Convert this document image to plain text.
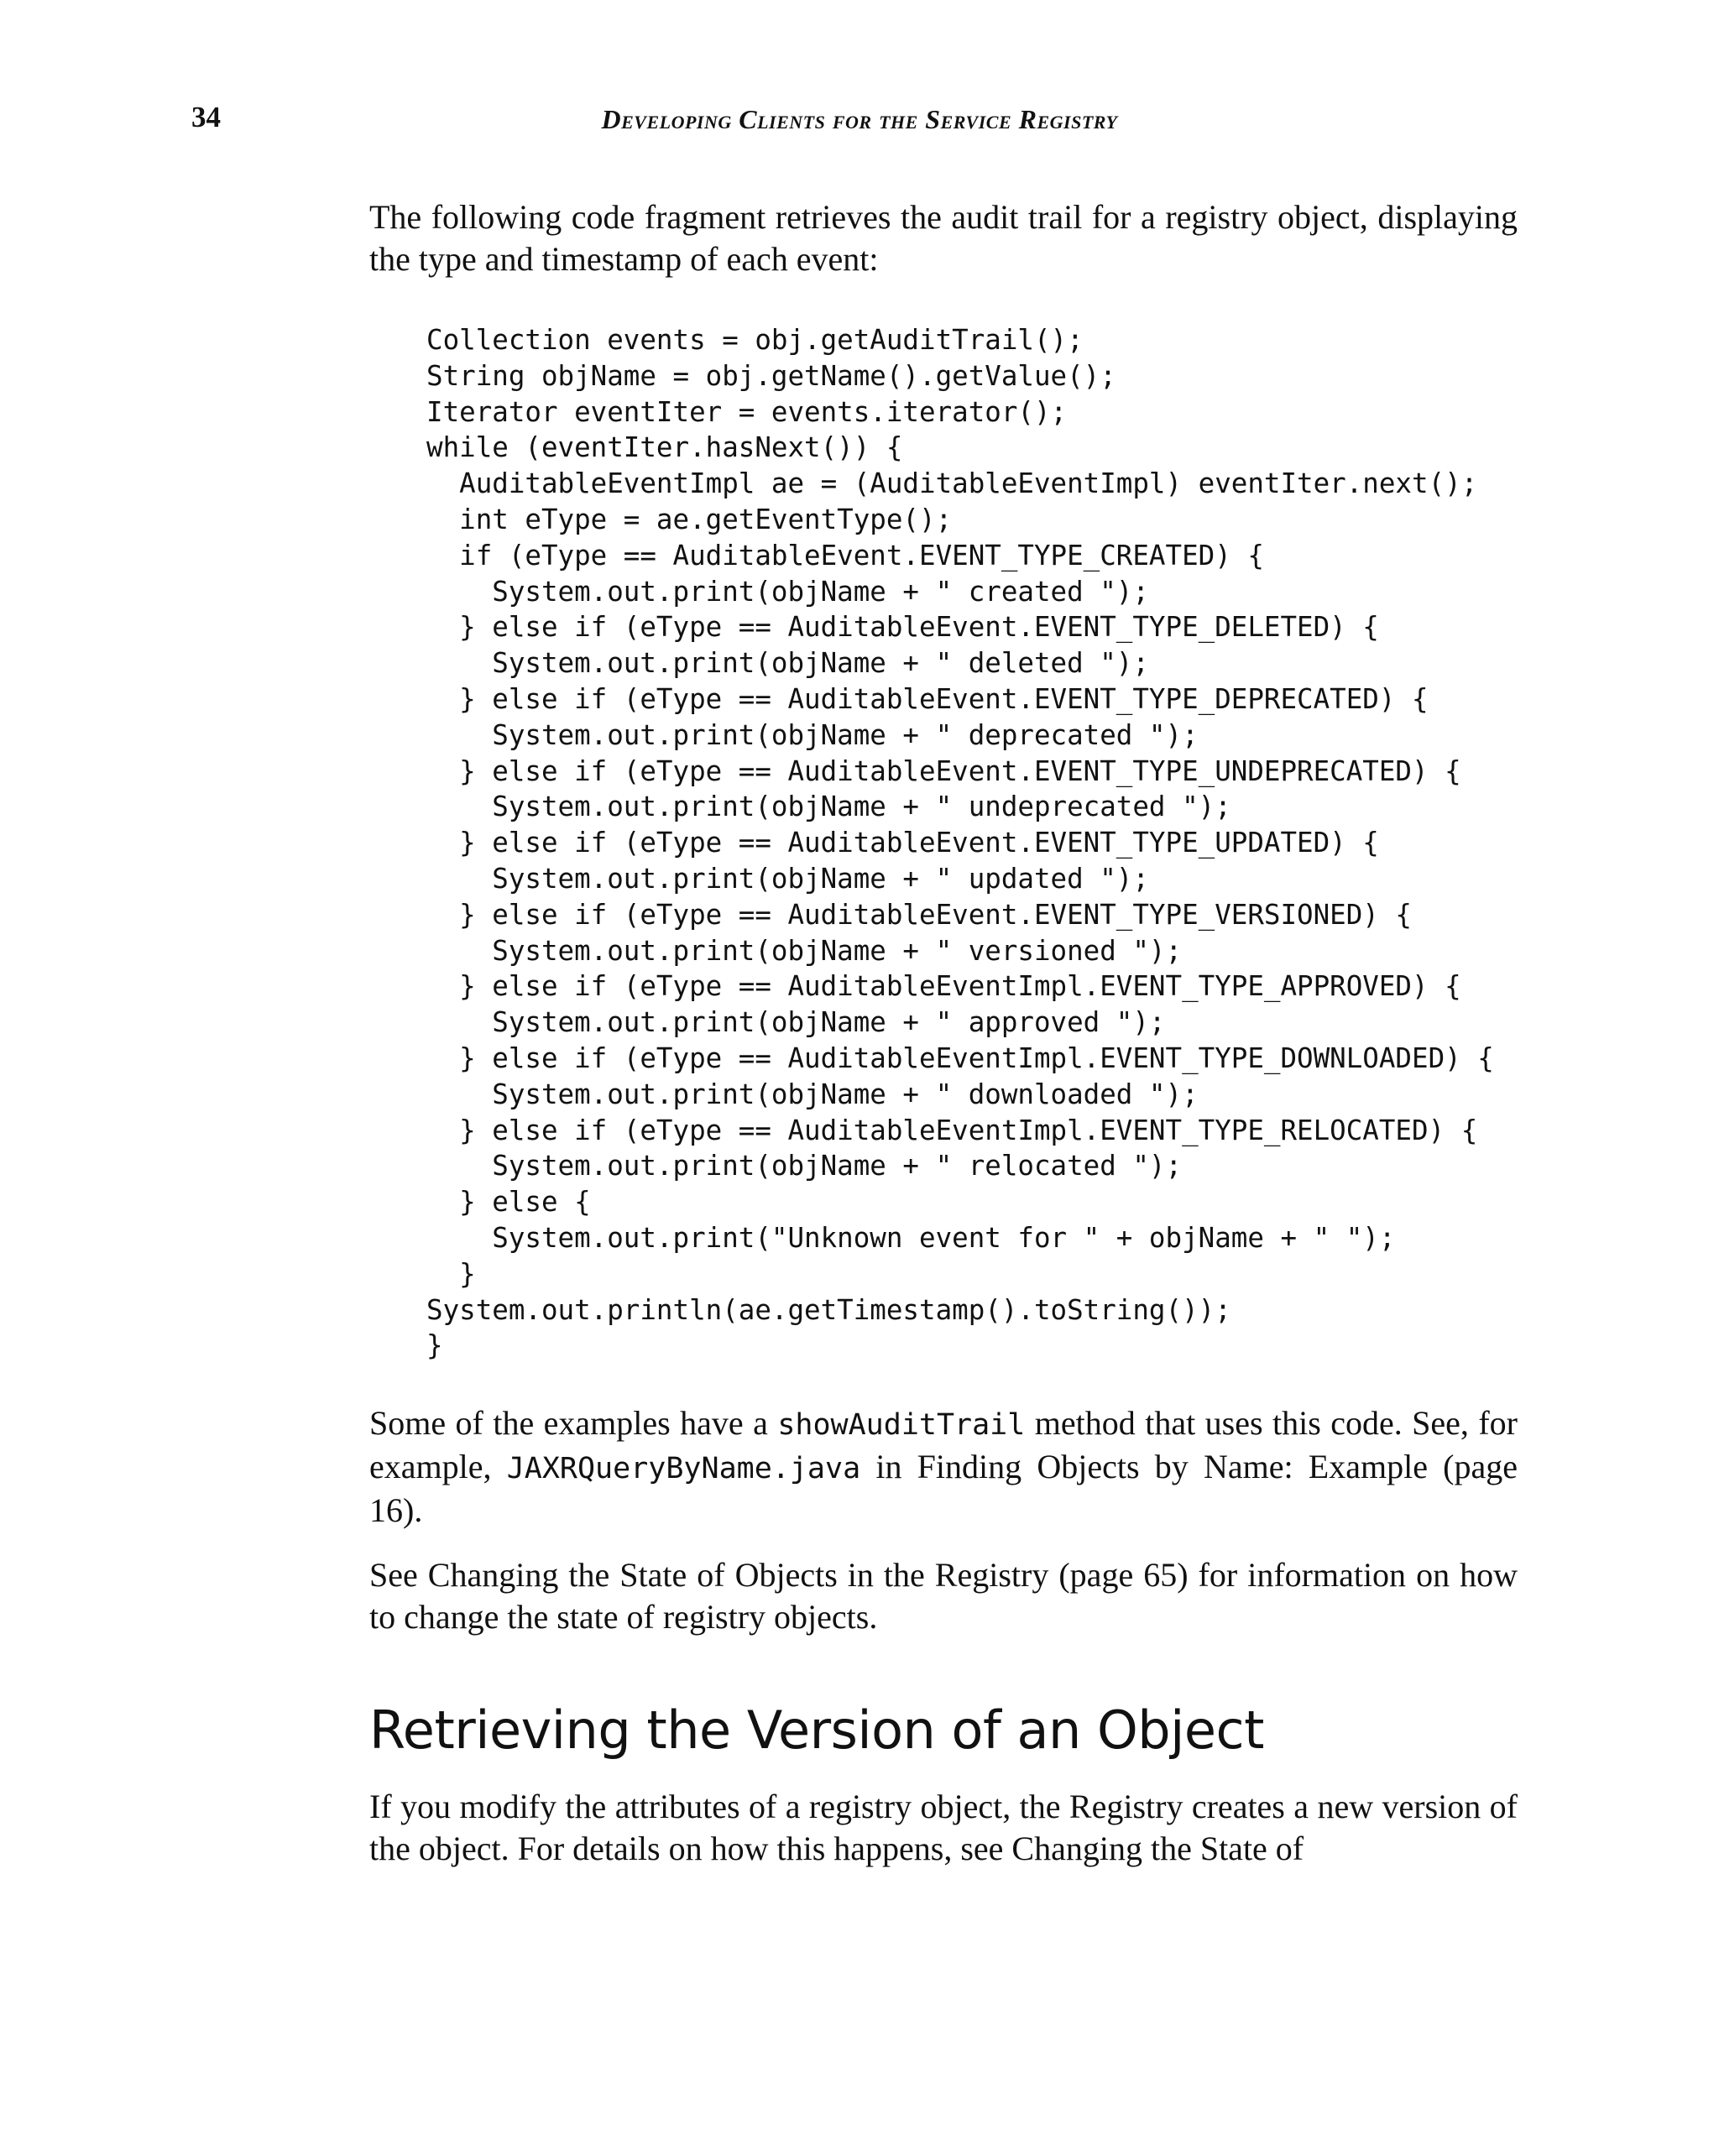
34	Developing Clients for the Service Registry

The following code fragment retrieves the audit trail for a registry object, displaying the type and timestamp of each event:

Collection events = obj.getAuditTrail();
String objName = obj.getName().getValue();
Iterator eventIter = events.iterator();
while (eventIter.hasNext()) {
AuditableEventImpl ae = (AuditableEventImpl) eventIter.next();
int eType = ae.getEventType();
if (eType == AuditableEvent.EVENT_TYPE_CREATED) {
System.out.print(objName + " created ");
} else if (eType == AuditableEvent.EVENT_TYPE_DELETED) {
System.out.print(objName + " deleted ");
} else if (eType == AuditableEvent.EVENT_TYPE_DEPRECATED) {
System.out.print(objName + " deprecated ");
} else if (eType == AuditableEvent.EVENT_TYPE_UNDEPRECATED) {
System.out.print(objName + " undeprecated ");
} else if (eType == AuditableEvent.EVENT_TYPE_UPDATED) {
System.out.print(objName + " updated ");
} else if (eType == AuditableEvent.EVENT_TYPE_VERSIONED) {
System.out.print(objName + " versioned ");
} else if (eType == AuditableEventImpl.EVENT_TYPE_APPROVED) {
System.out.print(objName + " approved ");
} else if (eType == AuditableEventImpl.EVENT_TYPE_DOWNLOADED) {
System.out.print(objName + " downloaded ");
} else if (eType == AuditableEventImpl.EVENT_TYPE_RELOCATED) {
System.out.print(objName + " relocated ");
} else {
System.out.print("Unknown event for " + objName + " ");
}
System.out.println(ae.getTimestamp().toString());
}

Some of the examples have a showAuditTrail method that uses this code. See, for example, JAXRQueryByName.java in Finding Objects by Name: Example (page 16).

See Changing the State of Objects in the Registry (page 65) for information on how to change the state of registry objects.

Retrieving the Version of an Object

If you modify the attributes of a registry object, the Registry creates a new version of the object. For details on how this happens, see Changing the State of
